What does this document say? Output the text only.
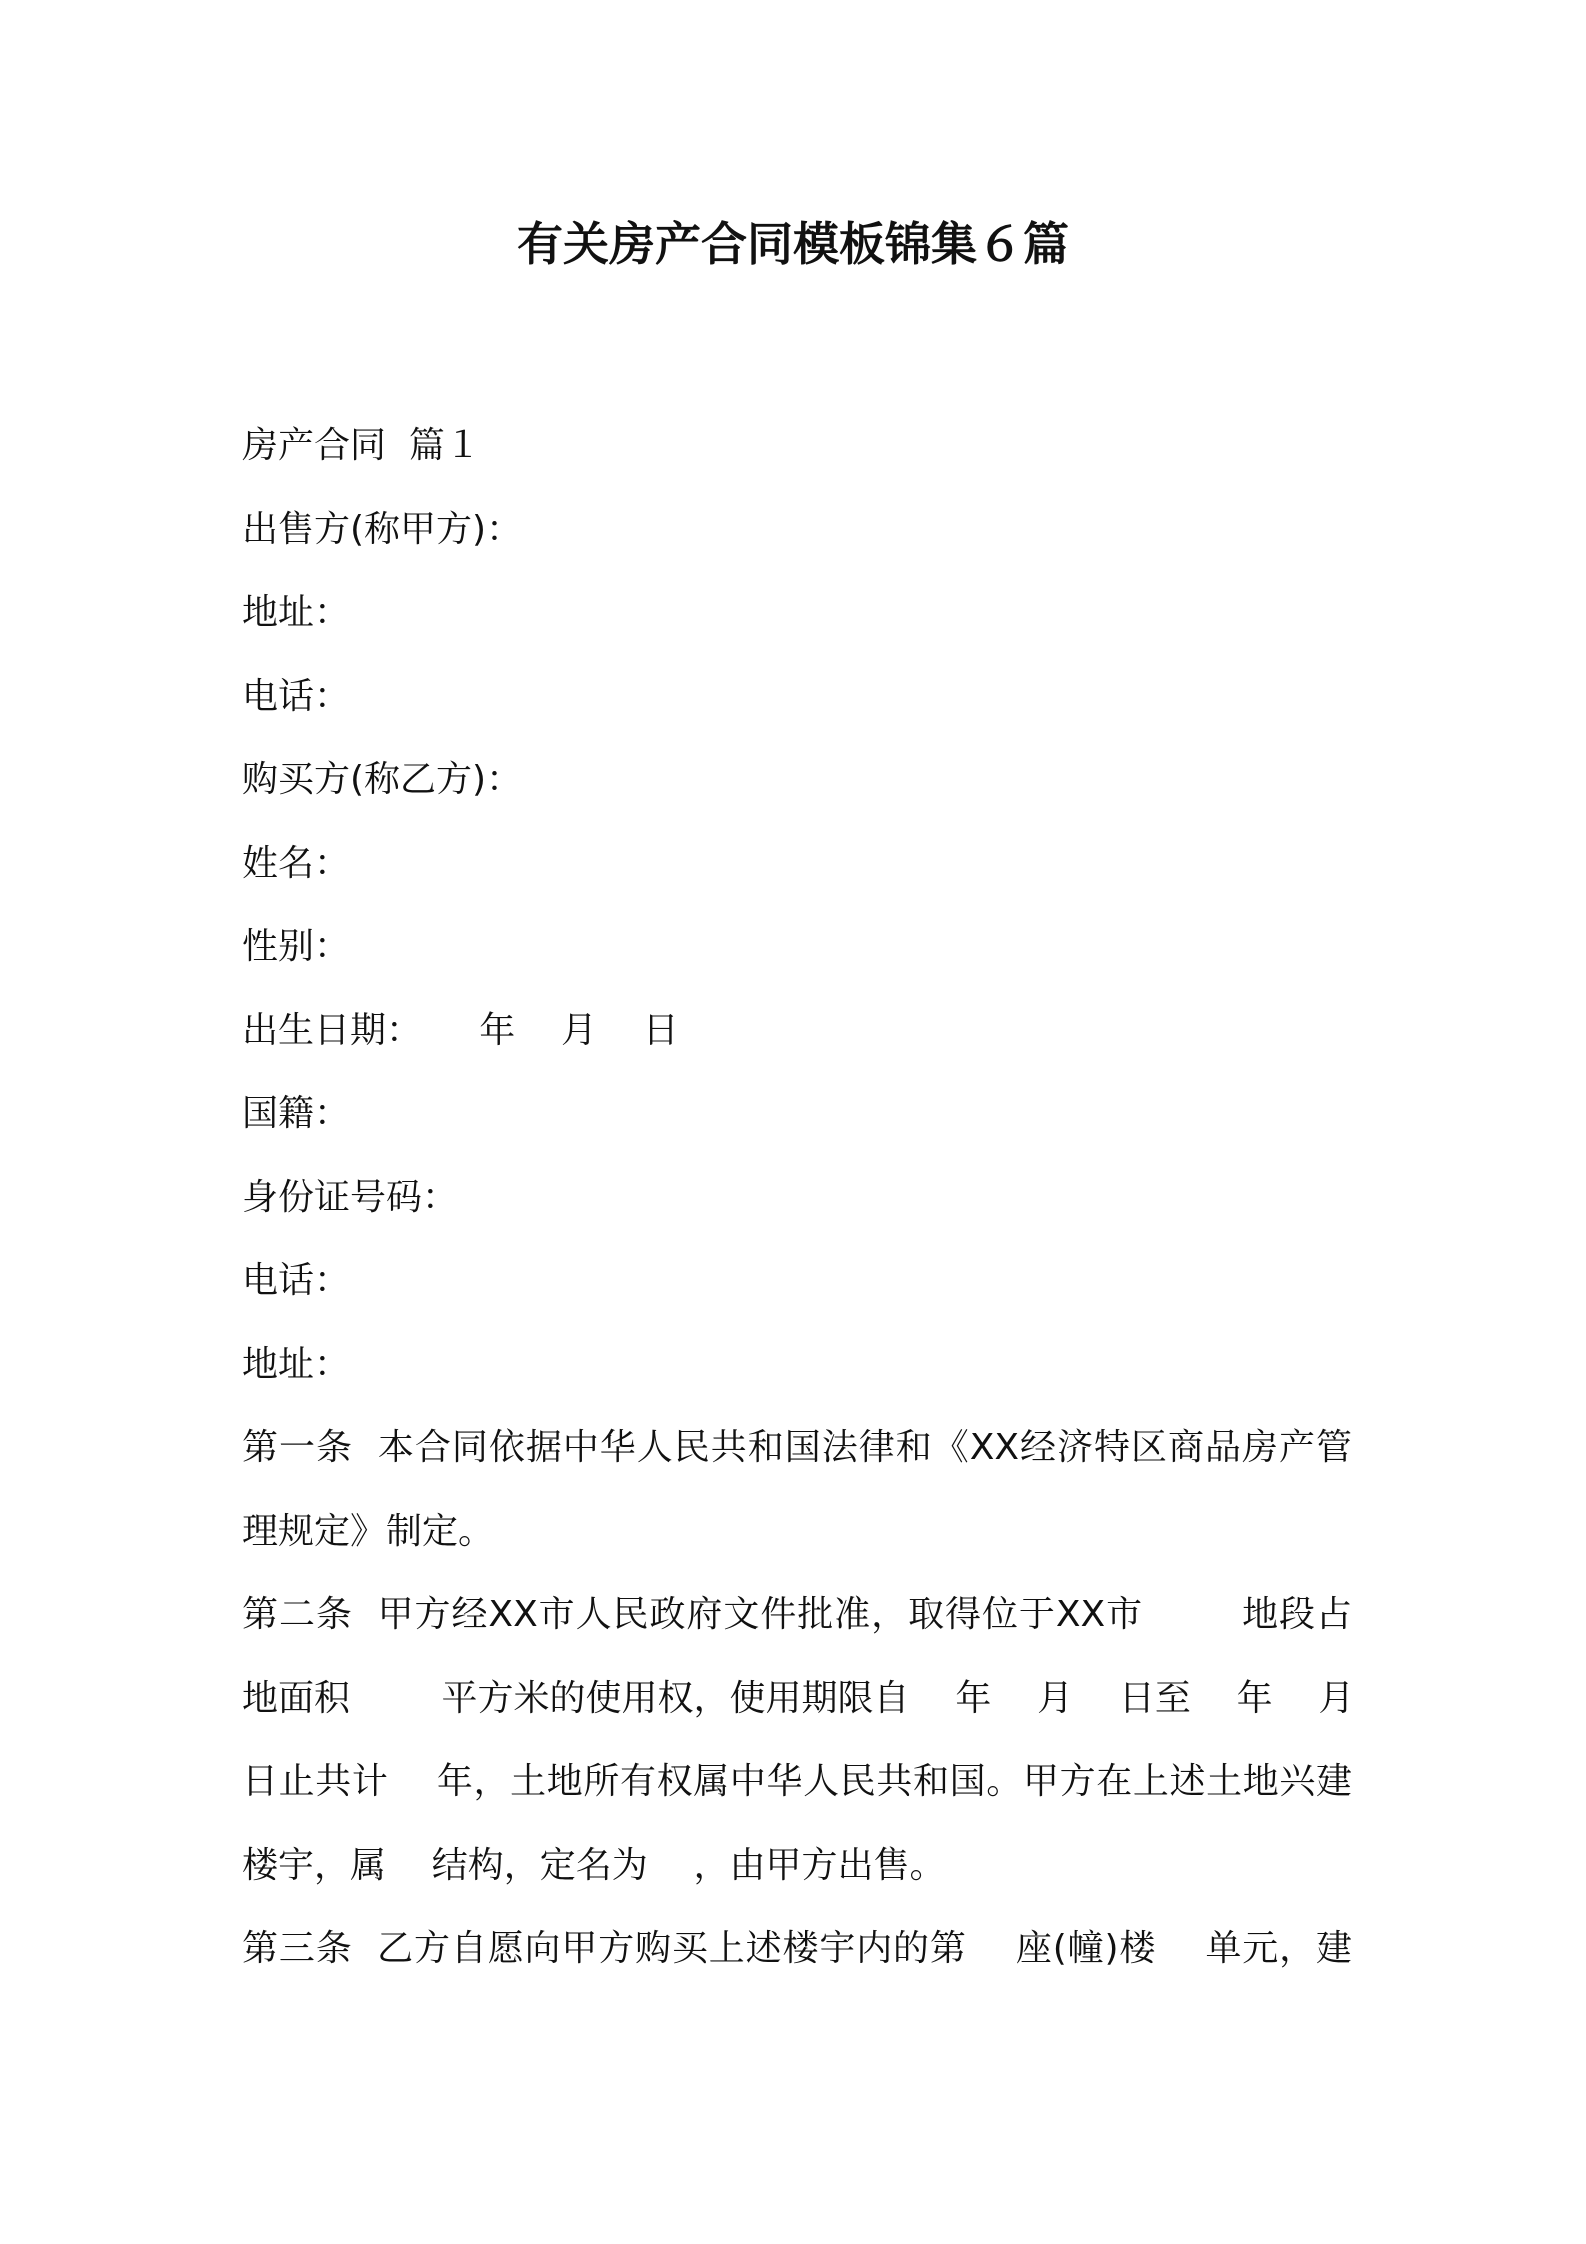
有关房产合同模板锦集６篇
房产合同  篇１
出售方(称甲方)：
地址：
电话：
购买方(称乙方)：
姓名：
性别：
出生日期：     年    月    日
国籍：
身份证号码：
电话：
地址：
第一条  本合同依据中华人民共和国法律和《XX经济特区商品房产管
理规定》制定。
第二条  甲方经XX市人民政府文件批准，取得位于XX市        地段占
地面积        平方米的使用权，使用期限自    年    月    日至    年    月
日止共计    年，土地所有权属中华人民共和国。甲方在上述土地兴建
楼宇，属    结构，定名为    ，由甲方出售。
第三条  乙方自愿向甲方购买上述楼宇内的第    座(幢)楼    单元，建
